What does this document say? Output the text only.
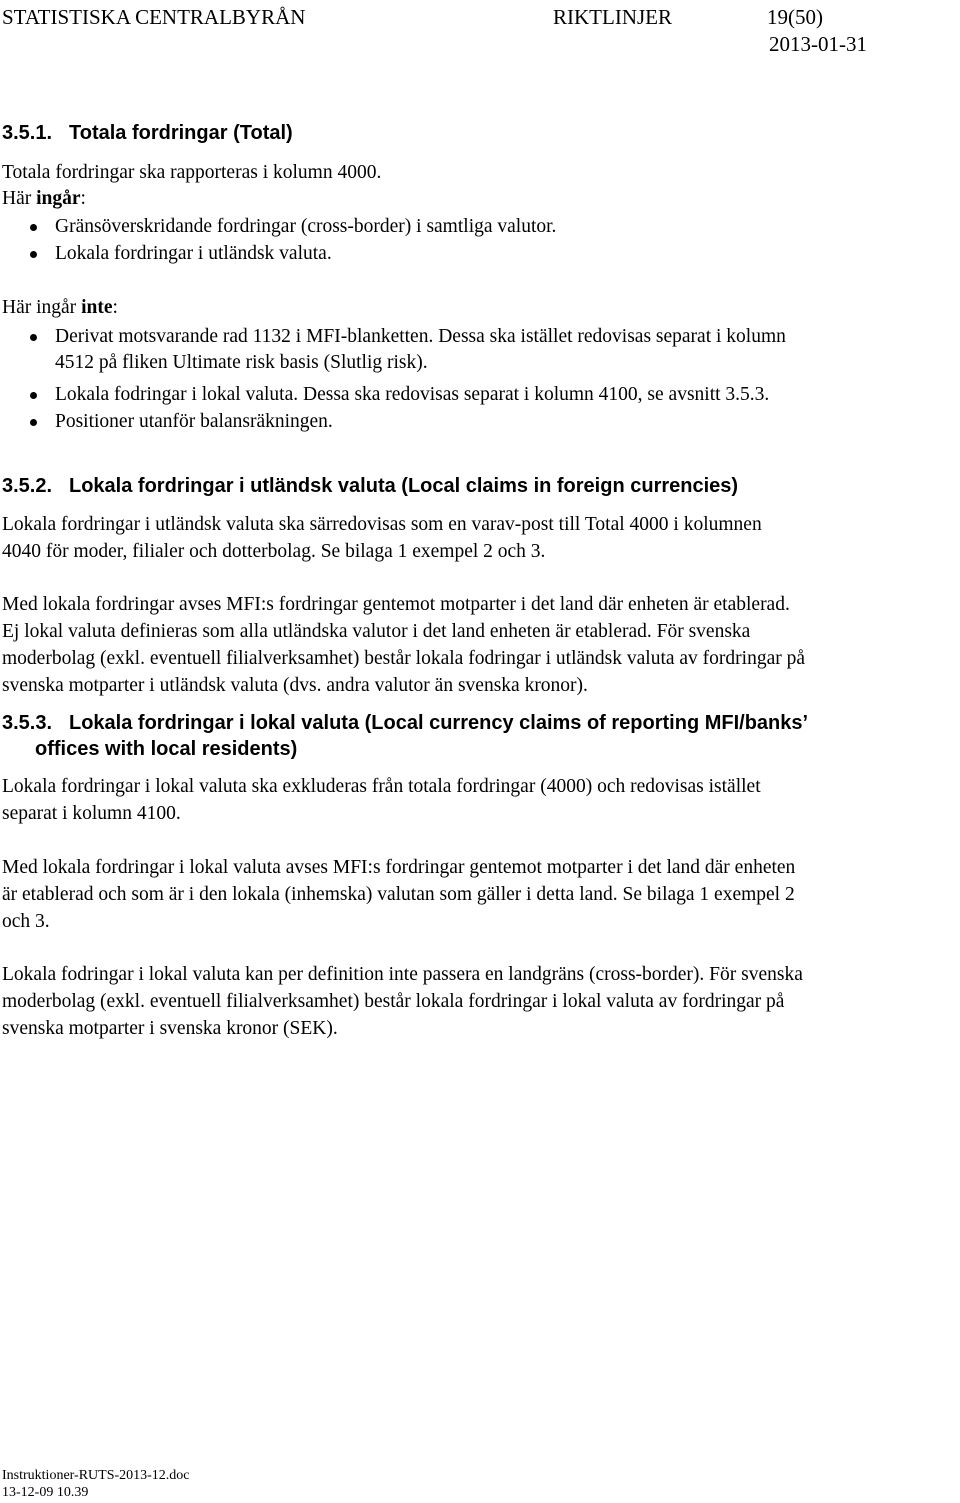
STATISTISKA CENTRALBYRÅN	RIKTLINJER	19(50)
2013-01-31
3.5.1. Totala fordringar (Total)
Totala fordringar ska rapporteras i kolumn 4000.
Här ingår:
Gränsöverskridande fordringar (cross-border) i samtliga valutor.
Lokala fordringar i utländsk valuta.
Här ingår inte:
Derivat motsvarande rad 1132 i MFI-blanketten. Dessa ska istället redovisas separat i kolumn
4512 på fliken Ultimate risk basis (Slutlig risk).
Lokala fodringar i lokal valuta. Dessa ska redovisas separat i kolumn 4100, se avsnitt 3.5.3.
Positioner utanför balansräkningen.
3.5.2. Lokala fordringar i utländsk valuta (Local claims in foreign currencies)
Lokala fordringar i utländsk valuta ska särredovisas som en varav-post till Total 4000 i kolumnen
4040 för moder, filialer och dotterbolag. Se bilaga 1 exempel 2 och 3.
Med lokala fordringar avses MFI:s fordringar gentemot motparter i det land där enheten är etablerad.
Ej lokal valuta definieras som alla utländska valutor i det land enheten är etablerad. För svenska
moderbolag (exkl. eventuell filialverksamhet) består lokala fodringar i utländsk valuta av fordringar på
svenska motparter i utländsk valuta (dvs. andra valutor än svenska kronor).
3.5.3. Lokala fordringar i lokal valuta (Local currency claims of reporting MFI/banks’
offices with local residents)
Lokala fordringar i lokal valuta ska exkluderas från totala fordringar (4000) och redovisas istället
separat i kolumn 4100.
Med lokala fordringar i lokal valuta avses MFI:s fordringar gentemot motparter i det land där enheten
är etablerad och som är i den lokala (inhemska) valutan som gäller i detta land. Se bilaga 1 exempel 2
och 3.
Lokala fodringar i lokal valuta kan per definition inte passera en landgräns (cross-border). För svenska
moderbolag (exkl. eventuell filialverksamhet) består lokala fordringar i lokal valuta av fordringar på
svenska motparter i svenska kronor (SEK).
Instruktioner-RUTS-2013-12.doc
13-12-09 10.39
